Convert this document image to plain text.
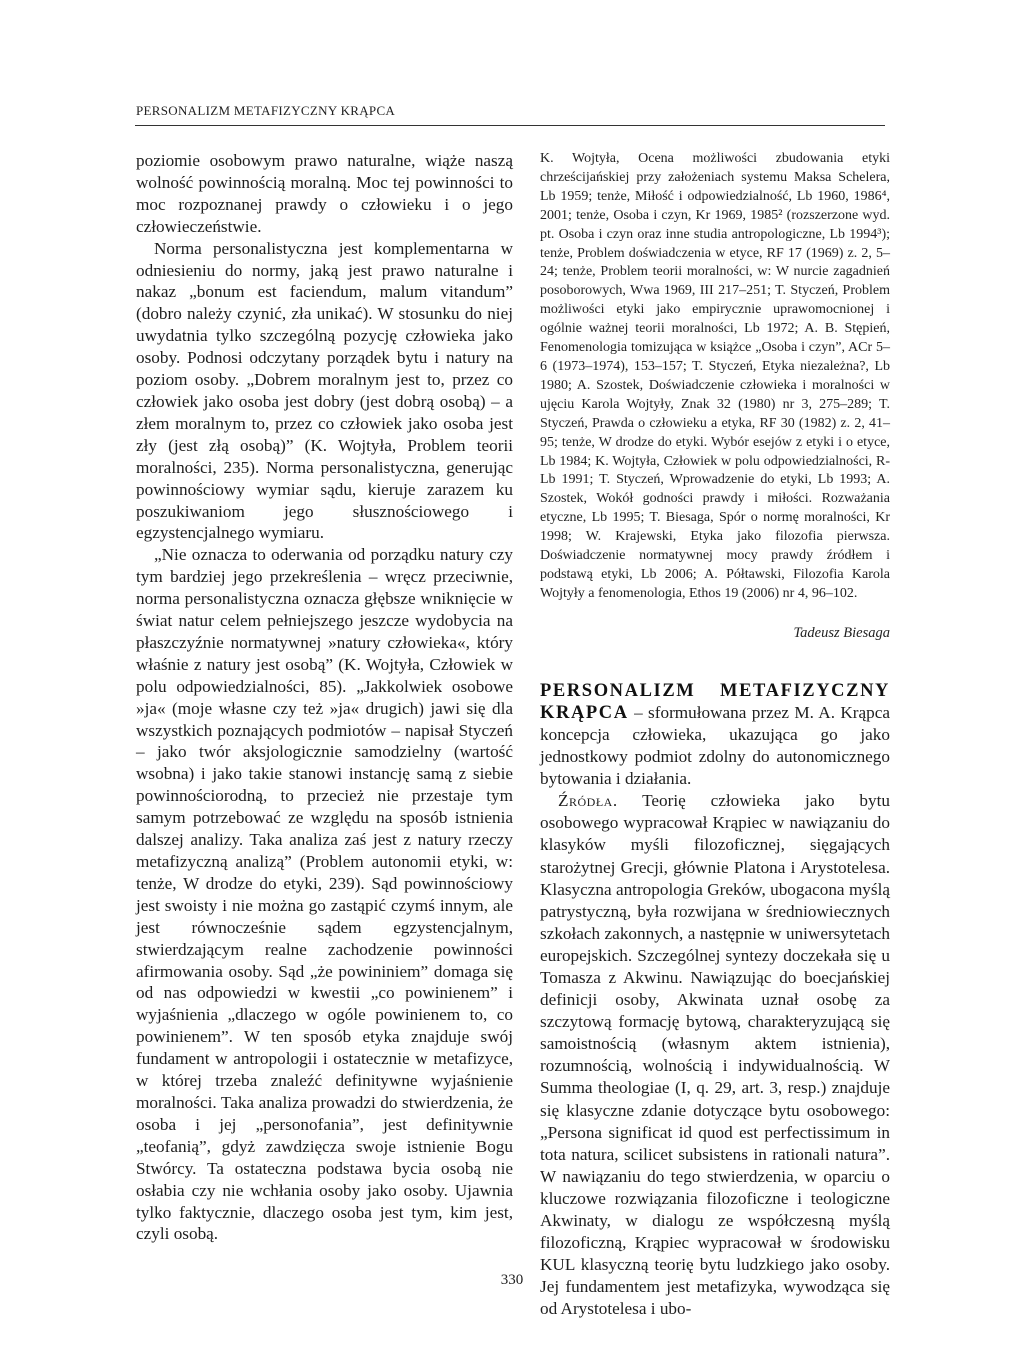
PERSONALIZM METAFIZYCZNY KRĄPCA

poziomie osobowym prawo naturalne, wiąże naszą wolność powinnością moralną. Moc tej powinności to moc rozpoznanej prawdy o człowieku i o jego człowieczeństwie.

Norma personalistyczna jest komplementarna w odniesieniu do normy, jaką jest prawo naturalne i nakaz „bonum est faciendum, malum vitandum” (dobro należy czynić, zła unikać). W stosunku do niej uwydatnia tylko szczególną pozycję człowieka jako osoby. Podnosi odczytany porządek bytu i natury na poziom osoby. „Dobrem moralnym jest to, przez co człowiek jako osoba jest dobry (jest dobrą osobą) – a złem moralnym to, przez co człowiek jako osoba jest zły (jest złą osobą)” (K. Wojtyła, Problem teorii moralności, 235). Norma personalistyczna, generując powinnościowy wymiar sądu, kieruje zarazem ku poszukiwaniom jego słusznościowego i egzystencjalnego wymiaru.

„Nie oznacza to oderwania od porządku natury czy tym bardziej jego przekreślenia – wręcz przeciwnie, norma personalistyczna oznacza głębsze wniknięcie w świat natur celem pełniejszego jeszcze wydobycia na płaszczyźnie normatywnej »natury człowieka«, który właśnie z natury jest osobą” (K. Wojtyła, Człowiek w polu odpowiedzialności, 85). „Jakkolwiek osobowe »ja« (moje własne czy też »ja« drugich) jawi się dla wszystkich poznających podmiotów – napisał Styczeń – jako twór aksjologicznie samodzielny (wartość wsobna) i jako takie stanowi instancję samą z siebie powinnościorodną, to przecież nie przestaje tym samym potrzebować ze względu na sposób istnienia dalszej analizy. Taka analiza zaś jest z natury rzeczy metafizyczną analizą” (Problem autonomii etyki, w: tenże, W drodze do etyki, 239). Sąd powinnościowy jest swoisty i nie można go zastąpić czymś innym, ale jest równocześnie sądem egzystencjalnym, stwierdzającym realne zachodzenie powinności afirmowania osoby. Sąd „że powininiem” domaga się od nas odpowiedzi w kwestii „co powinienem” i wyjaśnienia „dlaczego w ogóle powinienem to, co powinienem”. W ten sposób etyka znajduje swój fundament w antropologii i ostatecznie w metafizyce, w której trzeba znaleźć definitywne wyjaśnienie moralności. Taka analiza prowadzi do stwierdzenia, że osoba i jej „personofania”, jest definitywnie „teofanią”, gdyż zawdzięcza swoje istnienie Bogu Stwórcy. Ta ostateczna podstawa bycia osobą nie osłabia czy nie wchłania osoby jako osoby. Ujawnia tylko faktycznie, dlaczego osoba jest tym, kim jest, czyli osobą.

K. Wojtyła, Ocena możliwości zbudowania etyki chrześcijańskiej przy założeniach systemu Maksa Schelera, Lb 1959; tenże, Miłość i odpowiedzialność, Lb 1960, 1986⁴, 2001; tenże, Osoba i czyn, Kr 1969, 1985² (rozszerzone wyd. pt. Osoba i czyn oraz inne studia antropologiczne, Lb 1994³); tenże, Problem doświadczenia w etyce, RF 17 (1969) z. 2, 5–24; tenże, Problem teorii moralności, w: W nurcie zagadnień posoborowych, Wwa 1969, III 217–251; T. Styczeń, Problem możliwości etyki jako empirycznie uprawomocnionej i ogólnie ważnej teorii moralności, Lb 1972; A. B. Stępień, Fenomenologia tomizująca w książce „Osoba i czyn”, ACr 5–6 (1973–1974), 153–157; T. Styczeń, Etyka niezależna?, Lb 1980; A. Szostek, Doświadczenie człowieka i moralności w ujęciu Karola Wojtyły, Znak 32 (1980) nr 3, 275–289; T. Styczeń, Prawda o człowieku a etyka, RF 30 (1982) z. 2, 41–95; tenże, W drodze do etyki. Wybór esejów z etyki i o etyce, Lb 1984; K. Wojtyła, Człowiek w polu odpowiedzialności, R-Lb 1991; T. Styczeń, Wprowadzenie do etyki, Lb 1993; A. Szostek, Wokół godności prawdy i miłości. Rozważania etyczne, Lb 1995; T. Biesaga, Spór o normę moralności, Kr 1998; W. Krajewski, Etyka jako filozofia pierwsza. Doświadczenie normatywnej mocy prawdy źródłem i podstawą etyki, Lb 2006; A. Półtawski, Filozofia Karola Wojtyły a fenomenologia, Ethos 19 (2006) nr 4, 96–102.

Tadeusz Biesaga

PERSONALIZM METAFIZYCZNY KRĄPCA – sformułowana przez M. A. Krąpca koncepcja człowieka, ukazująca go jako jednostkowy podmiot zdolny do autonomicznego bytowania i działania.

Źródła. Teorię człowieka jako bytu osobowego wypracował Krąpiec w nawiązaniu do klasyków myśli filozoficznej, sięgających starożytnej Grecji, głównie Platona i Arystotelesa. Klasyczna antropologia Greków, ubogacona myślą patrystyczną, była rozwijana w średniowiecznych szkołach zakonnych, a następnie w uniwersytetach europejskich. Szczególnej syntezy doczekała się u Tomasza z Akwinu. Nawiązując do boecjańskiej definicji osoby, Akwinata uznał osobę za szczytową formację bytową, charakteryzującą się samoistnością (własnym aktem istnienia), rozumnością, wolnością i indywidualnością. W Summa theologiae (I, q. 29, art. 3, resp.) znajduje się klasyczne zdanie dotyczące bytu osobowego: „Persona significat id quod est perfectissimum in tota natura, scilicet subsistens in rationali natura”. W nawiązaniu do tego stwierdzenia, w oparciu o kluczowe rozwiązania filozoficzne i teologiczne Akwinaty, w dialogu ze współczesną myślą filozoficzną, Krąpiec wypracował w środowisku KUL klasyczną teorię bytu ludzkiego jako osoby. Jej fundamentem jest metafizyka, wywodząca się od Arystotelesa i ubo-

330
